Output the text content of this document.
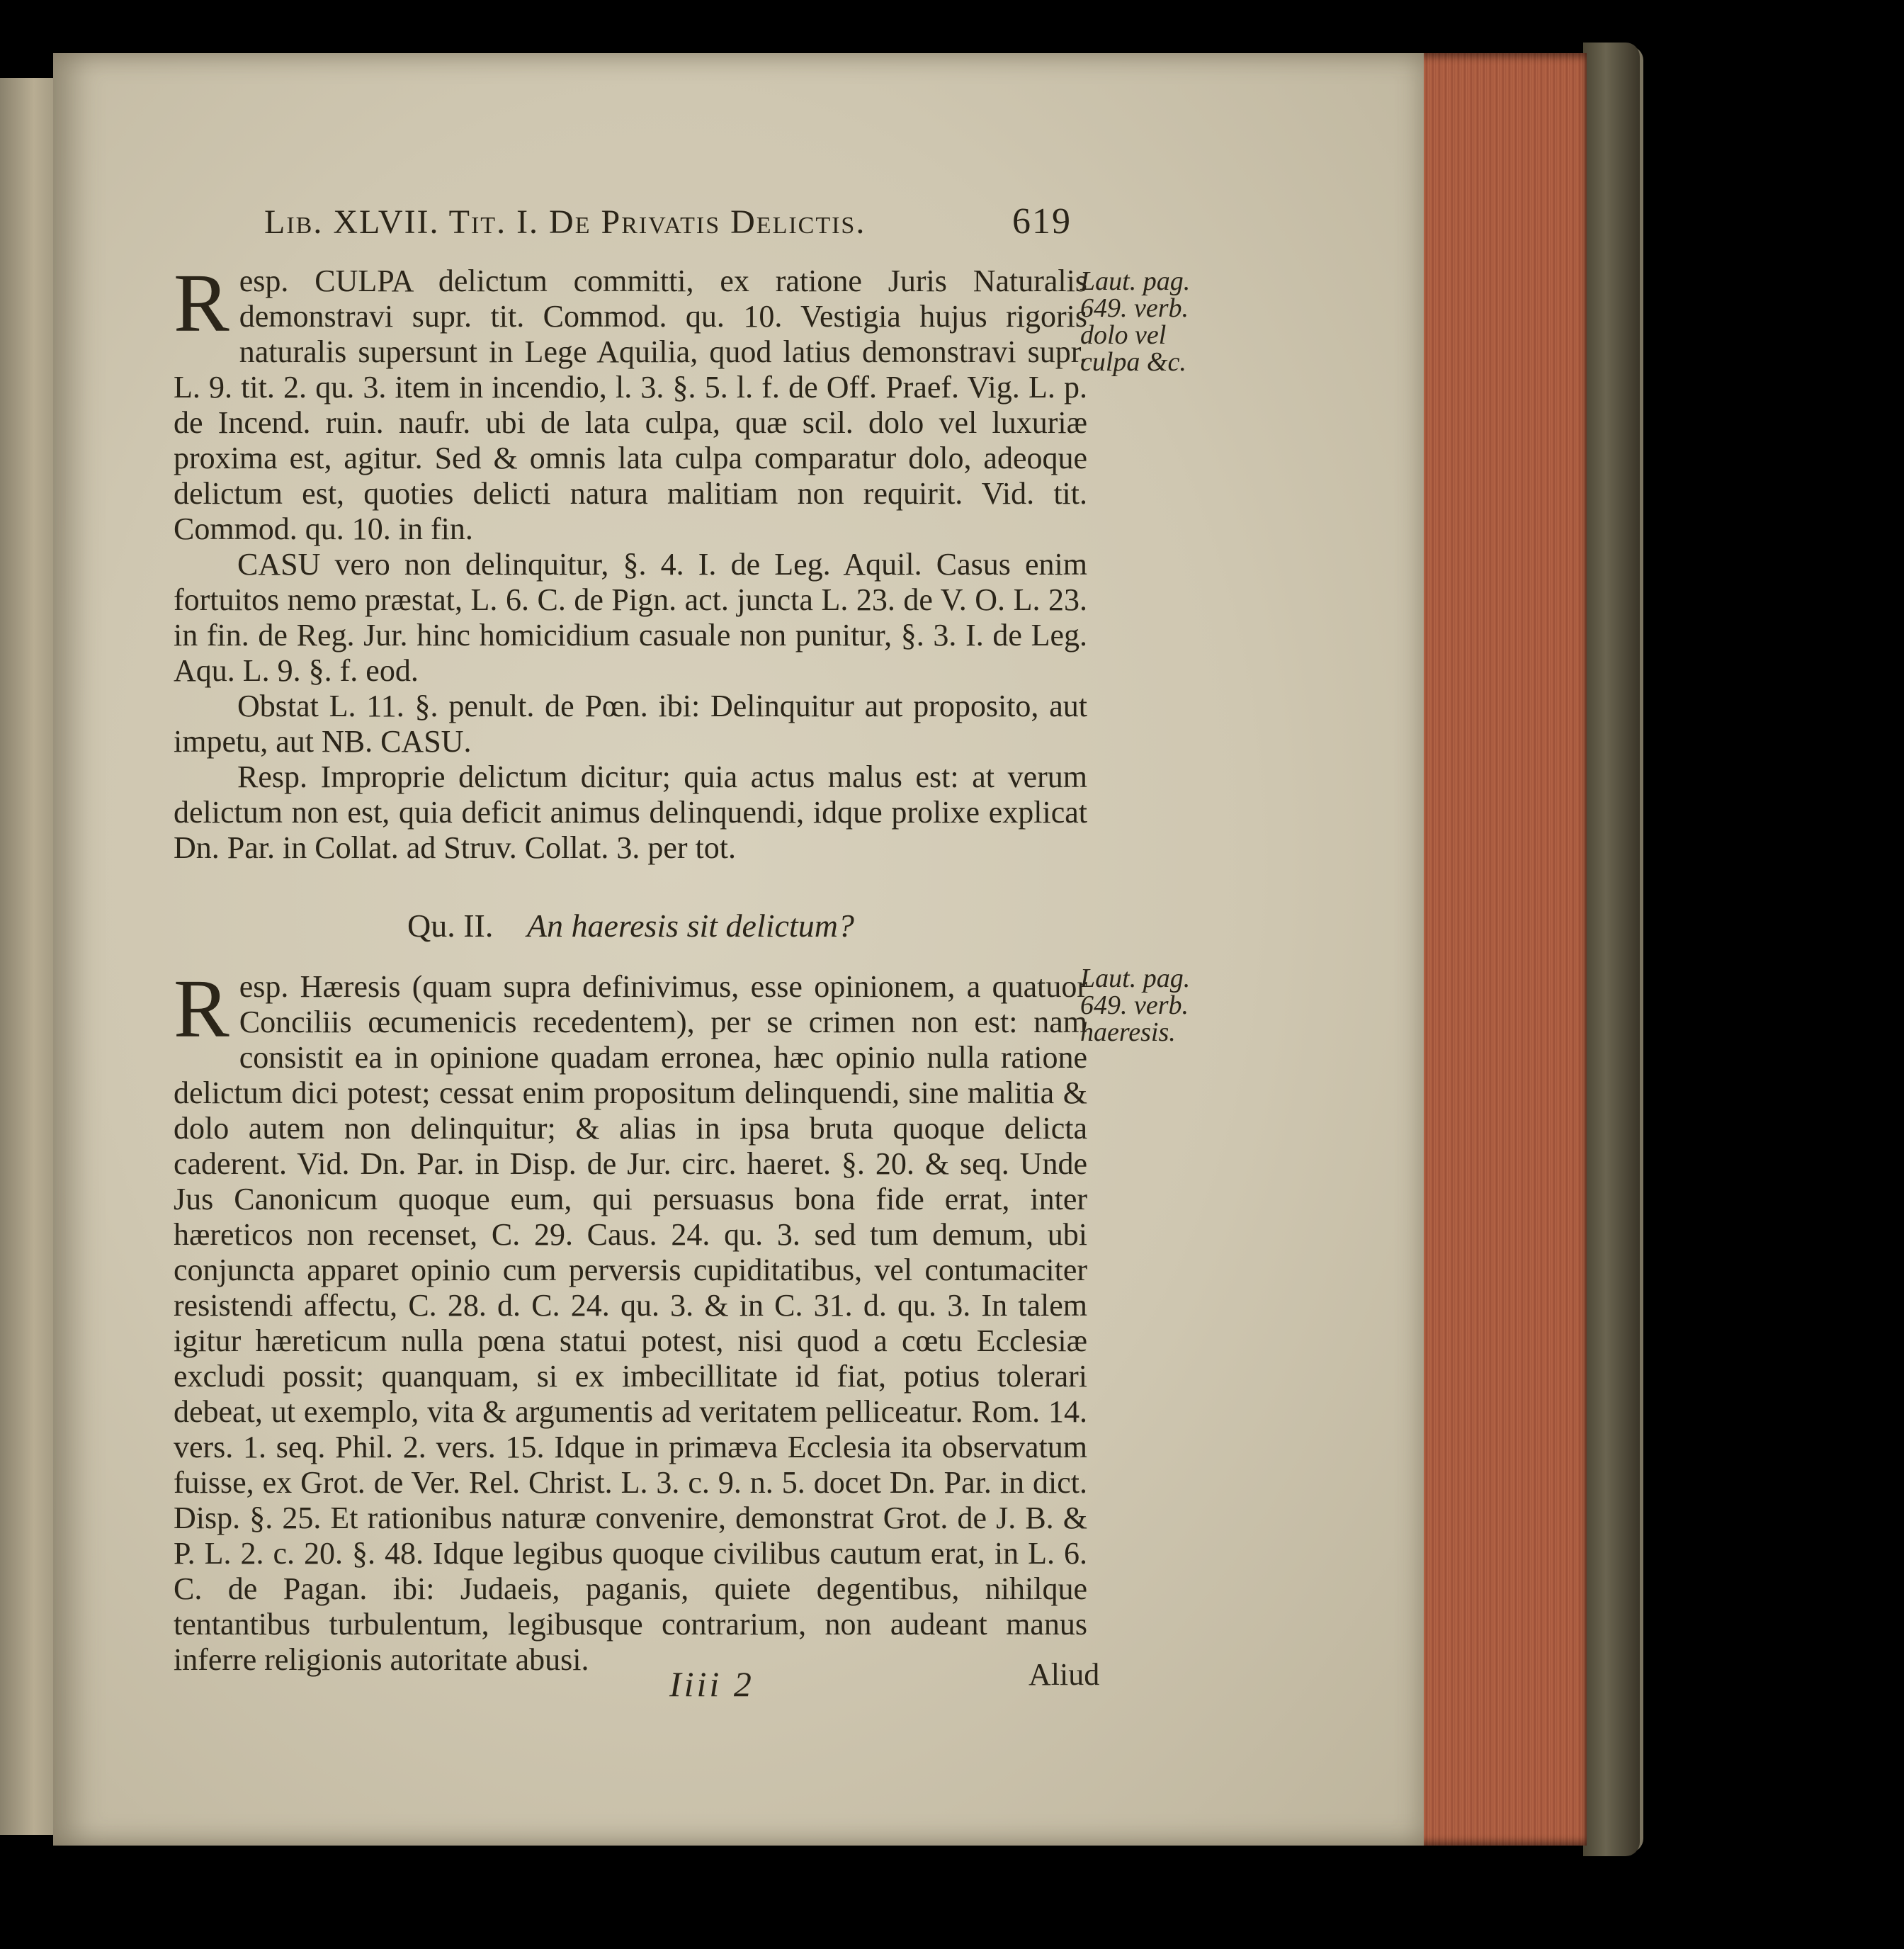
Lib. XLVII. Tit. I. De Privatis Delictis.	619
R esp. CULPA delictum committi, ex ratione Juris Naturalis demonstravi supr. tit. Commod. qu. 10. Vestigia hujus rigoris naturalis supersunt in Lege Aquilia, quod latius demonstravi supr. L. 9. tit. 2. qu. 3. item in incendio, l. 3. §. 5. l. f. de Off. Praef. Vig. L. p. de Incend. ruin. naufr. ubi de lata culpa, quæ scil. dolo vel luxuriæ proxima est, agitur. Sed & omnis lata culpa comparatur dolo, adeoque delictum est, quoties delicti natura malitiam non requirit. Vid. tit. Commod. qu. 10. in fin.

CASU vero non delinquitur, §. 4. I. de Leg. Aquil. Casus enim fortuitos nemo præstat, L. 6. C. de Pign. act. juncta L. 23. de V. O. L. 23. in fin. de Reg. Jur. hinc homicidium casuale non punitur, §. 3. I. de Leg. Aqu. L. 9. §. f. eod.

Obstat L. 11. §. penult. de Pœn. ibi: Delinquitur aut proposito, aut impetu, aut NB. CASU.

Resp. Improprie delictum dicitur; quia actus malus est: at verum delictum non est, quia deficit animus delinquendi, idque prolixe explicat Dn. Par. in Collat. ad Struv. Collat. 3. per tot.

Laut. pag.
649. verb.
dolo vel
culpa &c.
Qu. II. An haeresis sit delictum?
R esp. Hæresis (quam supra definivimus, esse opinionem, a quatuor Conciliis œcumenicis recedentem), per se crimen non est: nam consistit ea in opinione quadam erronea, hæc opinio nulla ratione delictum dici potest; cessat enim propositum delinquendi, sine malitia & dolo autem non delinquitur; & alias in ipsa bruta quoque delicta caderent. Vid. Dn. Par. in Disp. de Jur. circ. haeret. §. 20. & seq. Unde Jus Canonicum quoque eum, qui persuasus bona fide errat, inter hæreticos non recenset, C. 29. Caus. 24. qu. 3. sed tum demum, ubi conjuncta apparet opinio cum perversis cupiditatibus, vel contumaciter resistendi affectu, C. 28. d. C. 24. qu. 3. & in C. 31. d. qu. 3. In talem igitur hæreticum nulla pœna statui potest, nisi quod a cœtu Ecclesiæ excludi possit; quanquam, si ex imbecillitate id fiat, potius tolerari debeat, ut exemplo, vita & argumentis ad veritatem pelliceatur. Rom. 14. vers. 1. seq. Phil. 2. vers. 15. Idque in primæva Ecclesia ita observatum fuisse, ex Grot. de Ver. Rel. Christ. L. 3. c. 9. n. 5. docet Dn. Par. in dict. Disp. §. 25. Et rationibus naturæ convenire, demonstrat Grot. de J. B. & P. L. 2. c. 20. §. 48. Idque legibus quoque civilibus cautum erat, in L. 6. C. de Pagan. ibi: Judaeis, paganis, quiete degentibus, nihilque tentantibus turbulentum, legibusque contrarium, non audeant manus inferre religionis autoritate abusi.

Laut. pag.
649. verb.
haeresis.
Iiii 2	Aliud
